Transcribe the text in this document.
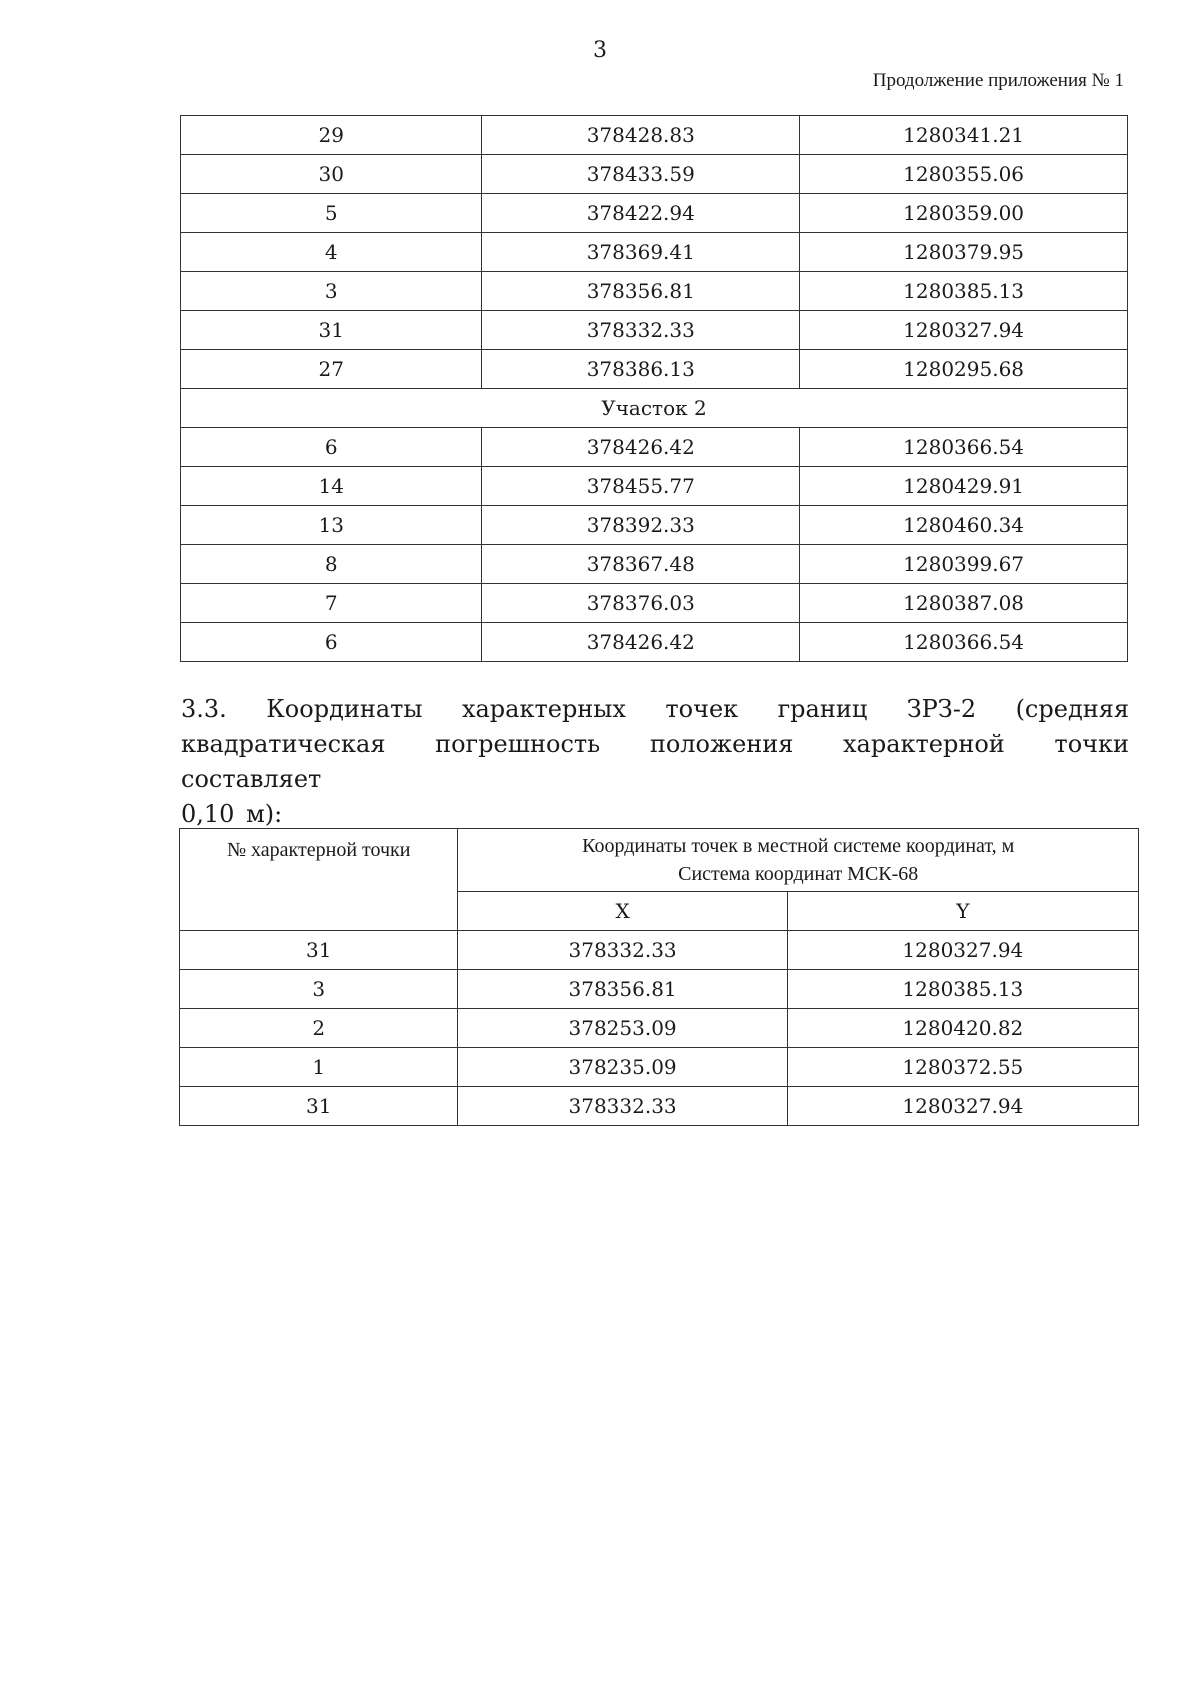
3
Продолжение приложения № 1
29	378428.83	1280341.21
30	378433.59	1280355.06
5	378422.94	1280359.00
4	378369.41	1280379.95
3	378356.81	1280385.13
31	378332.33	1280327.94
27	378386.13	1280295.68
Участок 2		
6	378426.42	1280366.54
14	378455.77	1280429.91
13	378392.33	1280460.34
8	378367.48	1280399.67
7	378376.03	1280387.08
6	378426.42	1280366.54
3.3. Координаты характерных точек границ ЗРЗ-2 (средняя квадратическая погрешность положения характерной точки составляет
0,10 м):
№ характерной точки	Координаты точек в местной системе координат, м
Система координат МСК-68	
	X	Y
31	378332.33	1280327.94
3	378356.81	1280385.13
2	378253.09	1280420.82
1	378235.09	1280372.55
31	378332.33	1280327.94
